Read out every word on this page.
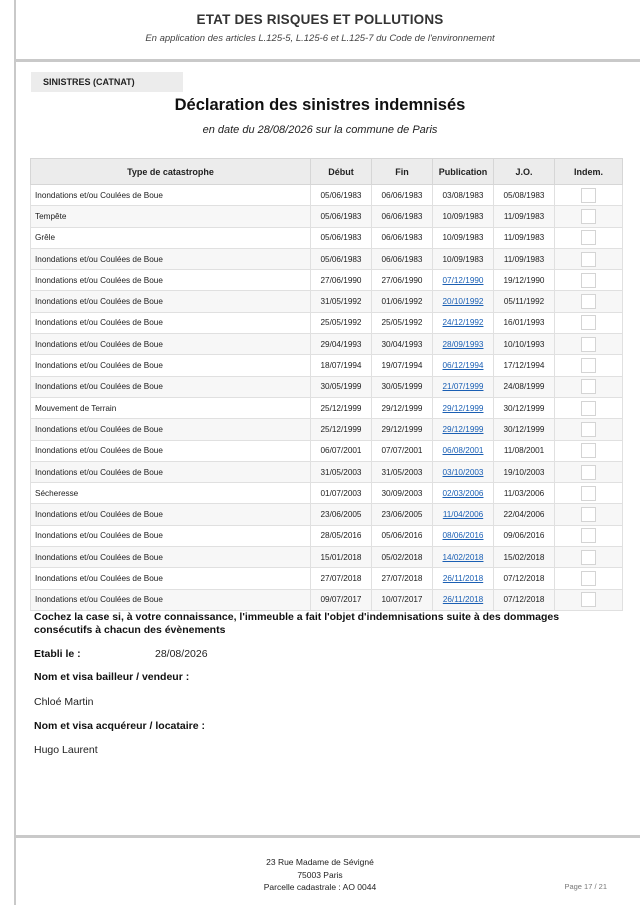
ETAT DES RISQUES ET POLLUTIONS
En application des articles L.125-5, L.125-6 et L.125-7 du Code de l'environnement
SINISTRES (CATNAT)
Déclaration des sinistres indemnisés
en date du 28/08/2026 sur la commune de Paris
Type de catastrophe	Début	Fin	Publication	J.O.	Indem.
Inondations et/ou Coulées de Boue	05/06/1983	06/06/1983	03/08/1983	05/08/1983	
Tempête	05/06/1983	06/06/1983	10/09/1983	11/09/1983	
Grêle	05/06/1983	06/06/1983	10/09/1983	11/09/1983	
Inondations et/ou Coulées de Boue	05/06/1983	06/06/1983	10/09/1983	11/09/1983	
Inondations et/ou Coulées de Boue	27/06/1990	27/06/1990	07/12/1990	19/12/1990	
Inondations et/ou Coulées de Boue	31/05/1992	01/06/1992	20/10/1992	05/11/1992	
Inondations et/ou Coulées de Boue	25/05/1992	25/05/1992	24/12/1992	16/01/1993	
Inondations et/ou Coulées de Boue	29/04/1993	30/04/1993	28/09/1993	10/10/1993	
Inondations et/ou Coulées de Boue	18/07/1994	19/07/1994	06/12/1994	17/12/1994	
Inondations et/ou Coulées de Boue	30/05/1999	30/05/1999	21/07/1999	24/08/1999	
Mouvement de Terrain	25/12/1999	29/12/1999	29/12/1999	30/12/1999	
Inondations et/ou Coulées de Boue	25/12/1999	29/12/1999	29/12/1999	30/12/1999	
Inondations et/ou Coulées de Boue	06/07/2001	07/07/2001	06/08/2001	11/08/2001	
Inondations et/ou Coulées de Boue	31/05/2003	31/05/2003	03/10/2003	19/10/2003	
Sécheresse	01/07/2003	30/09/2003	02/03/2006	11/03/2006	
Inondations et/ou Coulées de Boue	23/06/2005	23/06/2005	11/04/2006	22/04/2006	
Inondations et/ou Coulées de Boue	28/05/2016	05/06/2016	08/06/2016	09/06/2016	
Inondations et/ou Coulées de Boue	15/01/2018	05/02/2018	14/02/2018	15/02/2018	
Inondations et/ou Coulées de Boue	27/07/2018	27/07/2018	26/11/2018	07/12/2018	
Inondations et/ou Coulées de Boue	09/07/2017	10/07/2017	26/11/2018	07/12/2018	
Cochez la case si, à votre connaissance, l'immeuble a fait l'objet d'indemnisations suite à des dommages consécutifs à chacun des évènements
Etabli le :	28/08/2026
Nom et visa bailleur / vendeur :
Chloé Martin
Nom et visa acquéreur / locataire :
Hugo Laurent
23 Rue Madame de Sévigné
75003 Paris
Parcelle cadastrale : AO 0044	Page 17 / 21
